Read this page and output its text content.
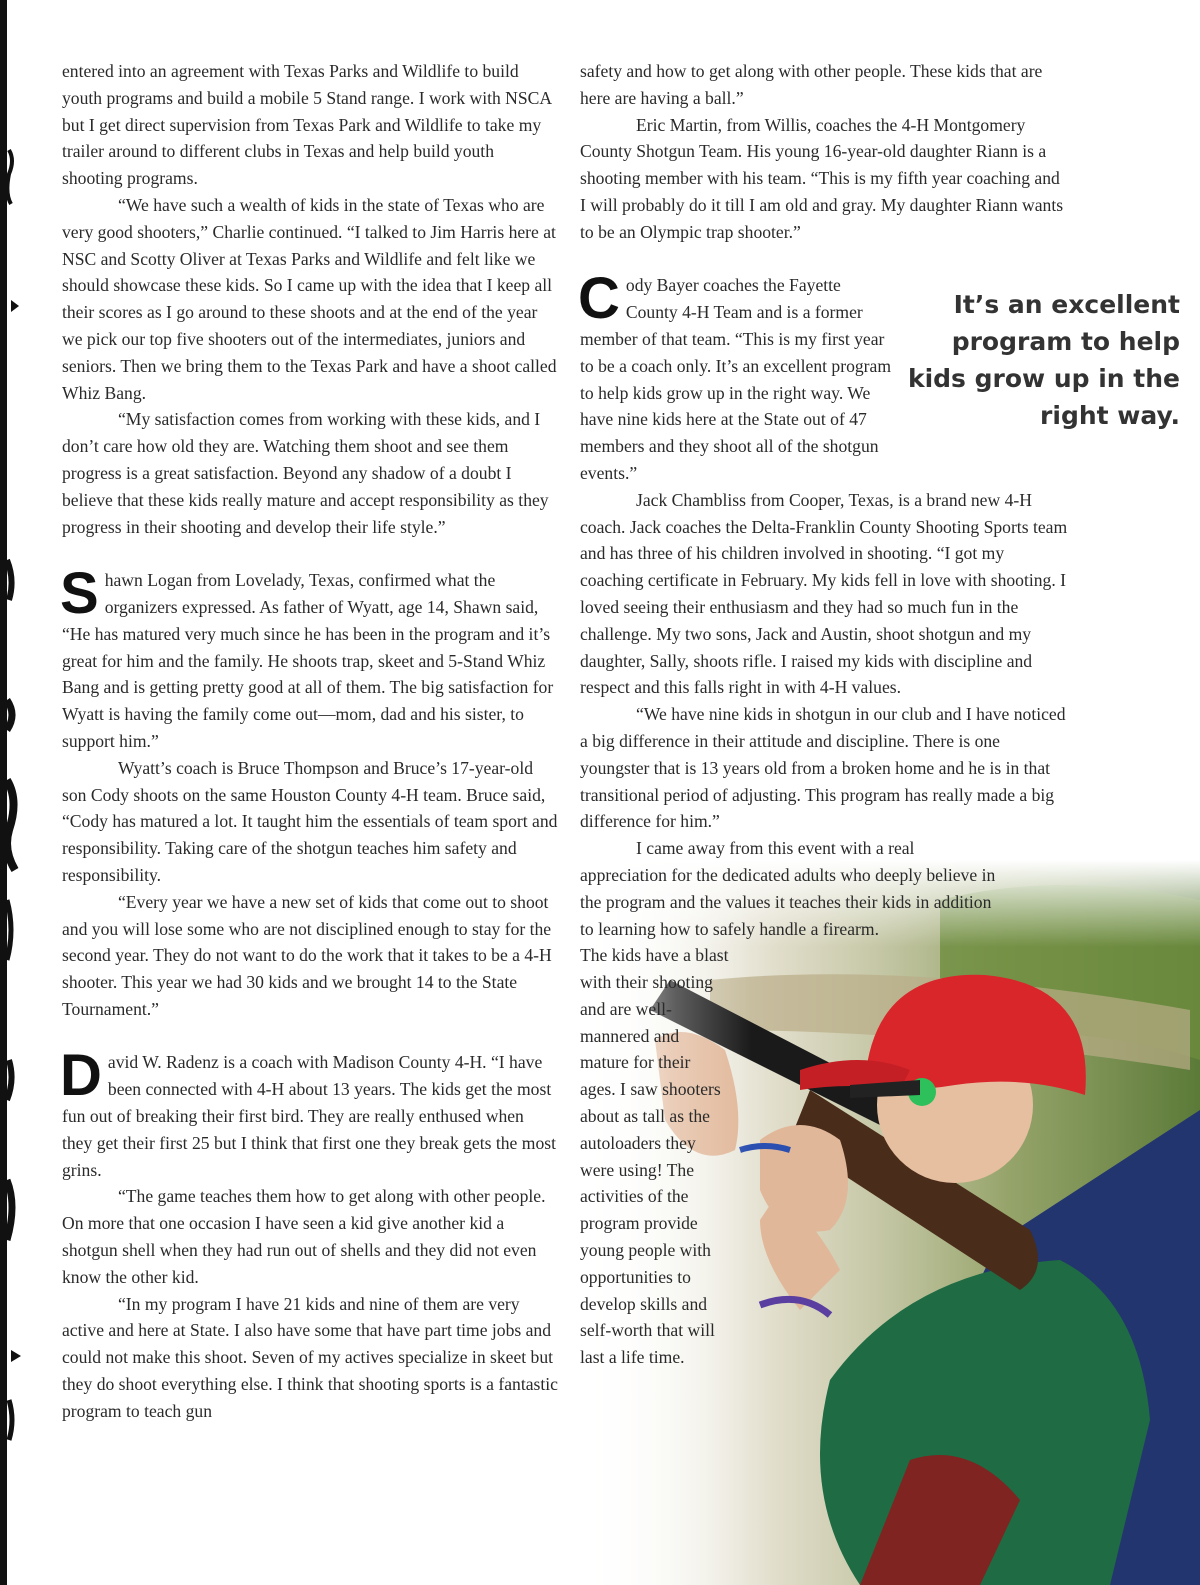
entered into an agreement with Texas Parks and Wildlife to build youth programs and build a mobile 5 Stand range. I work with NSCA but I get direct supervision from Texas Park and Wildlife to take my trailer around to different clubs in Texas and help build youth shooting programs.

“We have such a wealth of kids in the state of Texas who are very good shooters,” Charlie continued. “I talked to Jim Harris here at NSC and Scotty Oliver at Texas Parks and Wildlife and felt like we should showcase these kids. So I came up with the idea that I keep all their scores as I go around to these shoots and at the end of the year we pick our top five shooters out of the intermediates, juniors and seniors. Then we bring them to the Texas Park and have a shoot called Whiz Bang.

“My satisfaction comes from working with these kids, and I don’t care how old they are. Watching them shoot and see them progress is a great satisfaction. Beyond any shadow of a doubt I believe that these kids really mature and accept responsibility as they progress in their shooting and develop their life style.”

Shawn Logan from Lovelady, Texas, confirmed what the organizers expressed. As father of Wyatt, age 14, Shawn said, “He has matured very much since he has been in the program and it’s great for him and the family. He shoots trap, skeet and 5-Stand Whiz Bang and is getting pretty good at all of them. The big satisfaction for Wyatt is having the family come out—mom, dad and his sister, to support him.”

Wyatt’s coach is Bruce Thompson and Bruce’s 17-year-old son Cody shoots on the same Houston County 4-H team. Bruce said, “Cody has matured a lot. It taught him the essentials of team sport and responsibility. Taking care of the shotgun teaches him safety and responsibility.

“Every year we have a new set of kids that come out to shoot and you will lose some who are not disciplined enough to stay for the second year. They do not want to do the work that it takes to be a 4-H shooter. This year we had 30 kids and we brought 14 to the State Tournament.”

David W. Radenz is a coach with Madison County 4-H. “I have been connected with 4-H about 13 years. The kids get the most fun out of breaking their first bird. They are really enthused when they get their first 25 but I think that first one they break gets the most grins.

“The game teaches them how to get along with other people. On more that one occasion I have seen a kid give another kid a shotgun shell when they had run out of shells and they did not even know the other kid.

“In my program I have 21 kids and nine of them are very active and here at State. I also have some that have part time jobs and could not make this shoot. Seven of my actives specialize in skeet but they do shoot everything else. I think that shooting sports is a fantastic program to teach gun

safety and how to get along with other people. These kids that are here are having a ball.”

Eric Martin, from Willis, coaches the 4-H Montgomery County Shotgun Team. His young 16-year-old daughter Riann is a shooting member with his team. “This is my fifth year coaching and I will probably do it till I am old and gray. My daughter Riann wants to be an Olympic trap shooter.”

C	It’s an excellent program to help kids grow up in the right way.
ody Bayer coaches the Fayette County 4-H Team and is a former member of that team. “This is my first year to be a coach only. It’s an excellent program to help kids grow up in the right way. We have nine kids here at the State out of 47 members and they shoot all of the shotgun events.”

Jack Chambliss from Cooper, Texas, is a brand new 4-H coach. Jack coaches the Delta-Franklin County Shooting Sports team and has three of his children involved in shooting. “I got my coaching certificate in February. My kids fell in love with shooting. I loved seeing their enthusiasm and they had so much fun in the challenge. My two sons, Jack and Austin, shoot shotgun and my daughter, Sally, shoots rifle. I raised my kids with discipline and respect and this falls right in with 4-H values.

“We have nine kids in shotgun in our club and I have noticed a big difference in their attitude and discipline. There is one youngster that is 13 years old from a broken home and he is in that transitional period of adjusting. This program has really made a big difference for him.”

I came away from this event with a real appreciation for the dedicated adults who deeply believe in the program and the values it teaches their kids in addition to learning how to safely handle a firearm.

The kids have a blast with their shooting and are well-mannered and mature for their ages. I saw shooters about as tall as the autoloaders they were using! The activities of the program provide young people with opportunities to develop skills and self-worth that will last a life time.
